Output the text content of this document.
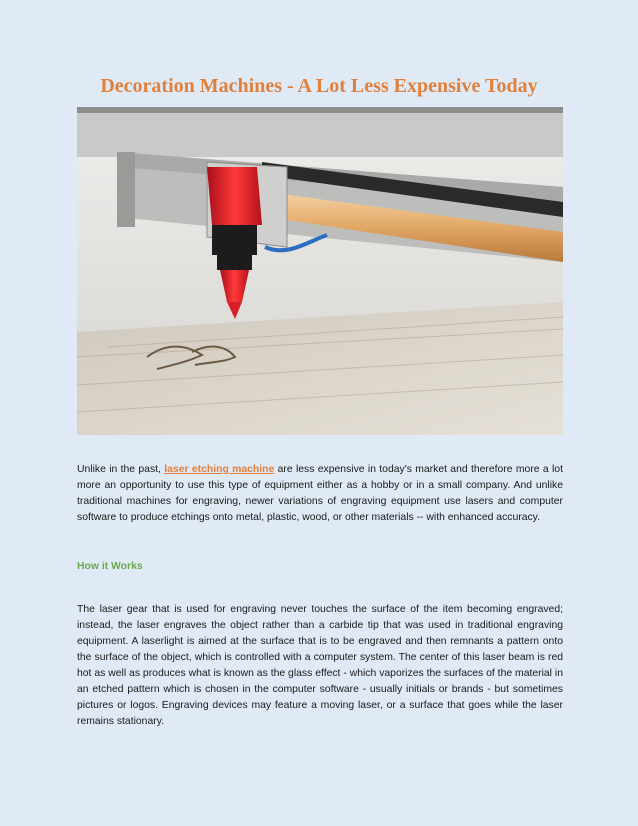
Decoration Machines - A Lot Less Expensive Today

Unlike in the past, laser etching machine are less expensive in today's market and therefore more a lot more an opportunity to use this type of equipment either as a hobby or in a small company. And unlike traditional machines for engraving, newer variations of engraving equipment use lasers and computer software to produce etchings onto metal, plastic, wood, or other materials -- with enhanced accuracy.

How it Works

The laser gear that is used for engraving never touches the surface of the item becoming engraved; instead, the laser engraves the object rather than a carbide tip that was used in traditional engraving equipment. A laserlight is aimed at the surface that is to be engraved and then remnants a pattern onto the surface of the object, which is controlled with a computer system. The center of this laser beam is red hot as well as produces what is known as the glass effect - which vaporizes the surfaces of the material in an etched pattern which is chosen in the computer software - usually initials or brands - but sometimes pictures or logos. Engraving devices may feature a moving laser, or a surface that goes while the laser remains stationary.
